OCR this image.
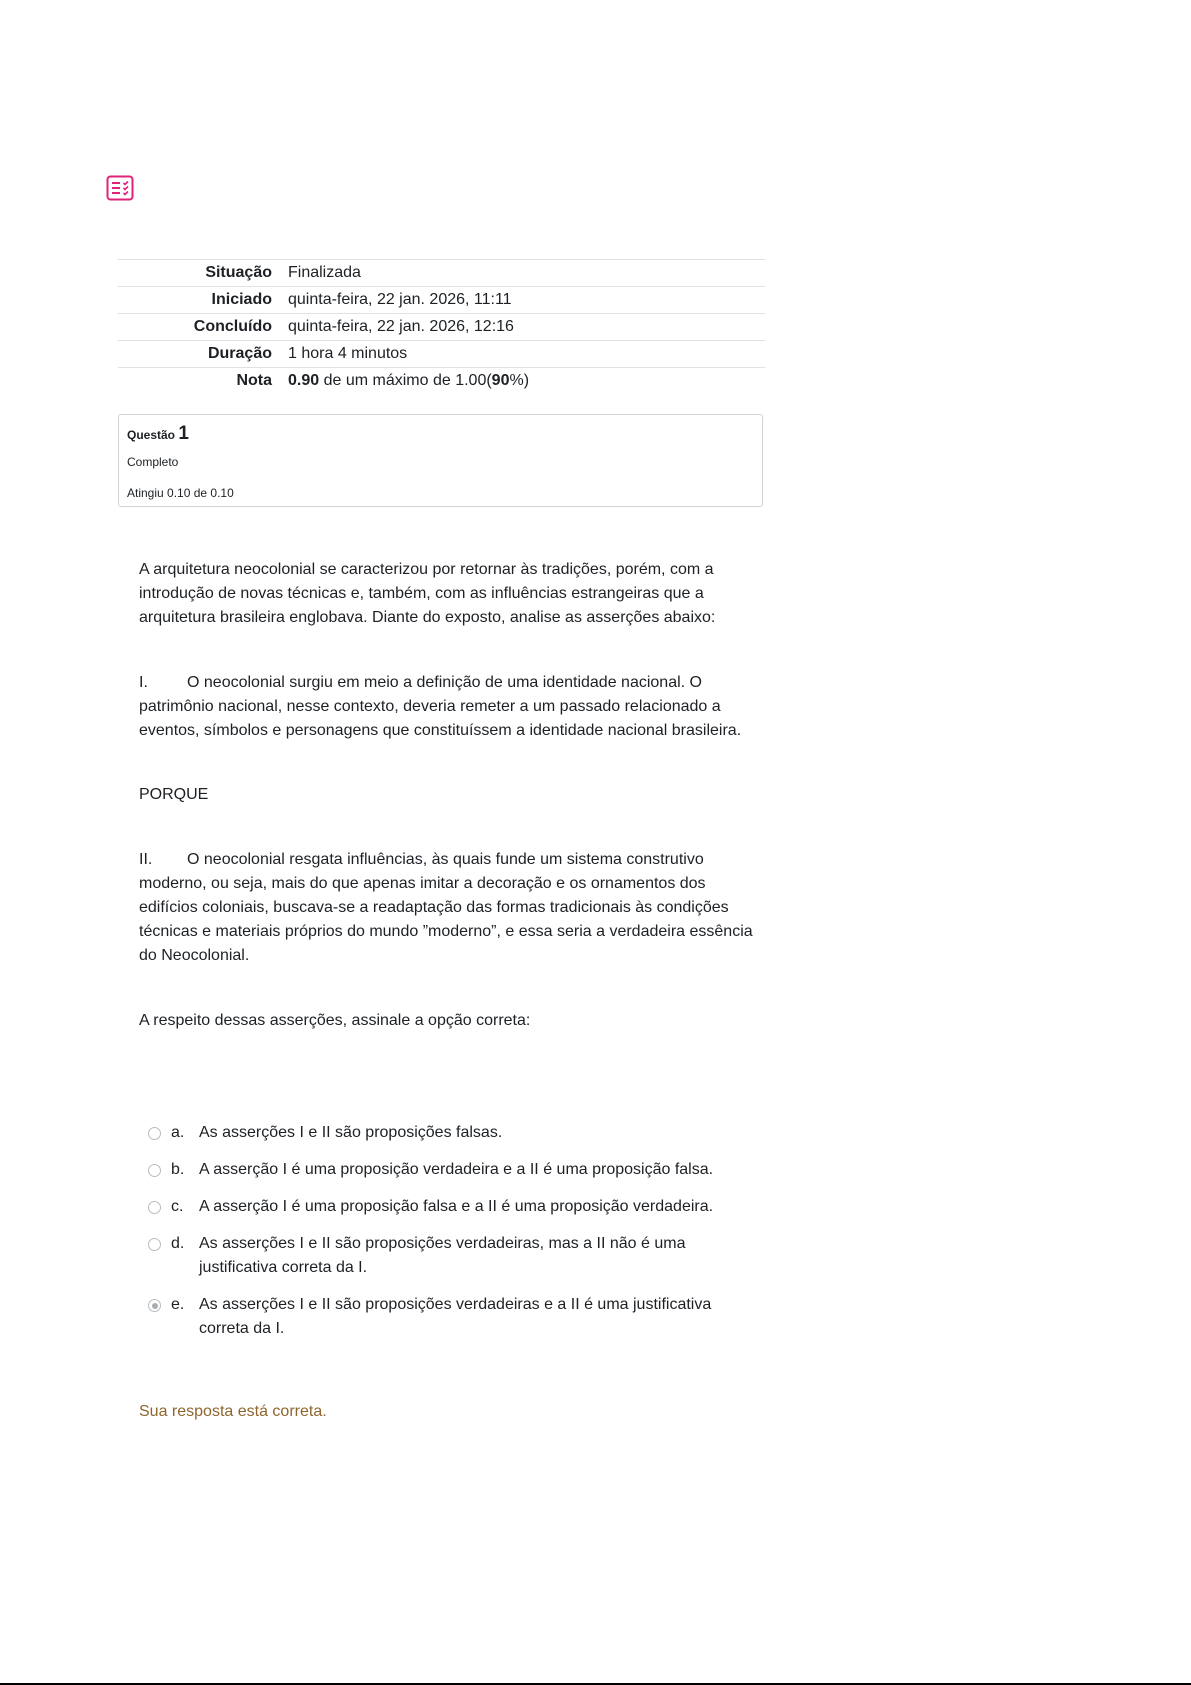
Situação	Finalizada
Iniciado	quinta-feira, 22 jan. 2026, 11:11
Concluído	quinta-feira, 22 jan. 2026, 12:16
Duração	1 hora 4 minutos
Nota	0.90 de um máximo de 1.00(90%)
Questão 1
Completo
Atingiu 0.10 de 0.10

A arquitetura neocolonial se caracterizou por retornar às tradições, porém, com a introdução de novas técnicas e, também, com as influências estrangeiras que a arquitetura brasileira englobava. Diante do exposto, analise as asserções abaixo:

I. O neocolonial surgiu em meio a definição de uma identidade nacional. O patrimônio nacional, nesse contexto, deveria remeter a um passado relacionado a eventos, símbolos e personagens que constituíssem a identidade nacional brasileira.

PORQUE

II. O neocolonial resgata influências, às quais funde um sistema construtivo moderno, ou seja, mais do que apenas imitar a decoração e os ornamentos dos edifícios coloniais, buscava-se a readaptação das formas tradicionais às condições técnicas e materiais próprios do mundo ”moderno”, e essa seria a verdadeira essência do Neocolonial.

A respeito dessas asserções, assinale a opção correta:

a. As asserções I e II são proposições falsas.
b. A asserção I é uma proposição verdadeira e a II é uma proposição falsa.
c. A asserção I é uma proposição falsa e a II é uma proposição verdadeira.
d. As asserções I e II são proposições verdadeiras, mas a II não é uma justificativa correta da I.
e. As asserções I e II são proposições verdadeiras e a II é uma justificativa correta da I.
Sua resposta está correta.
